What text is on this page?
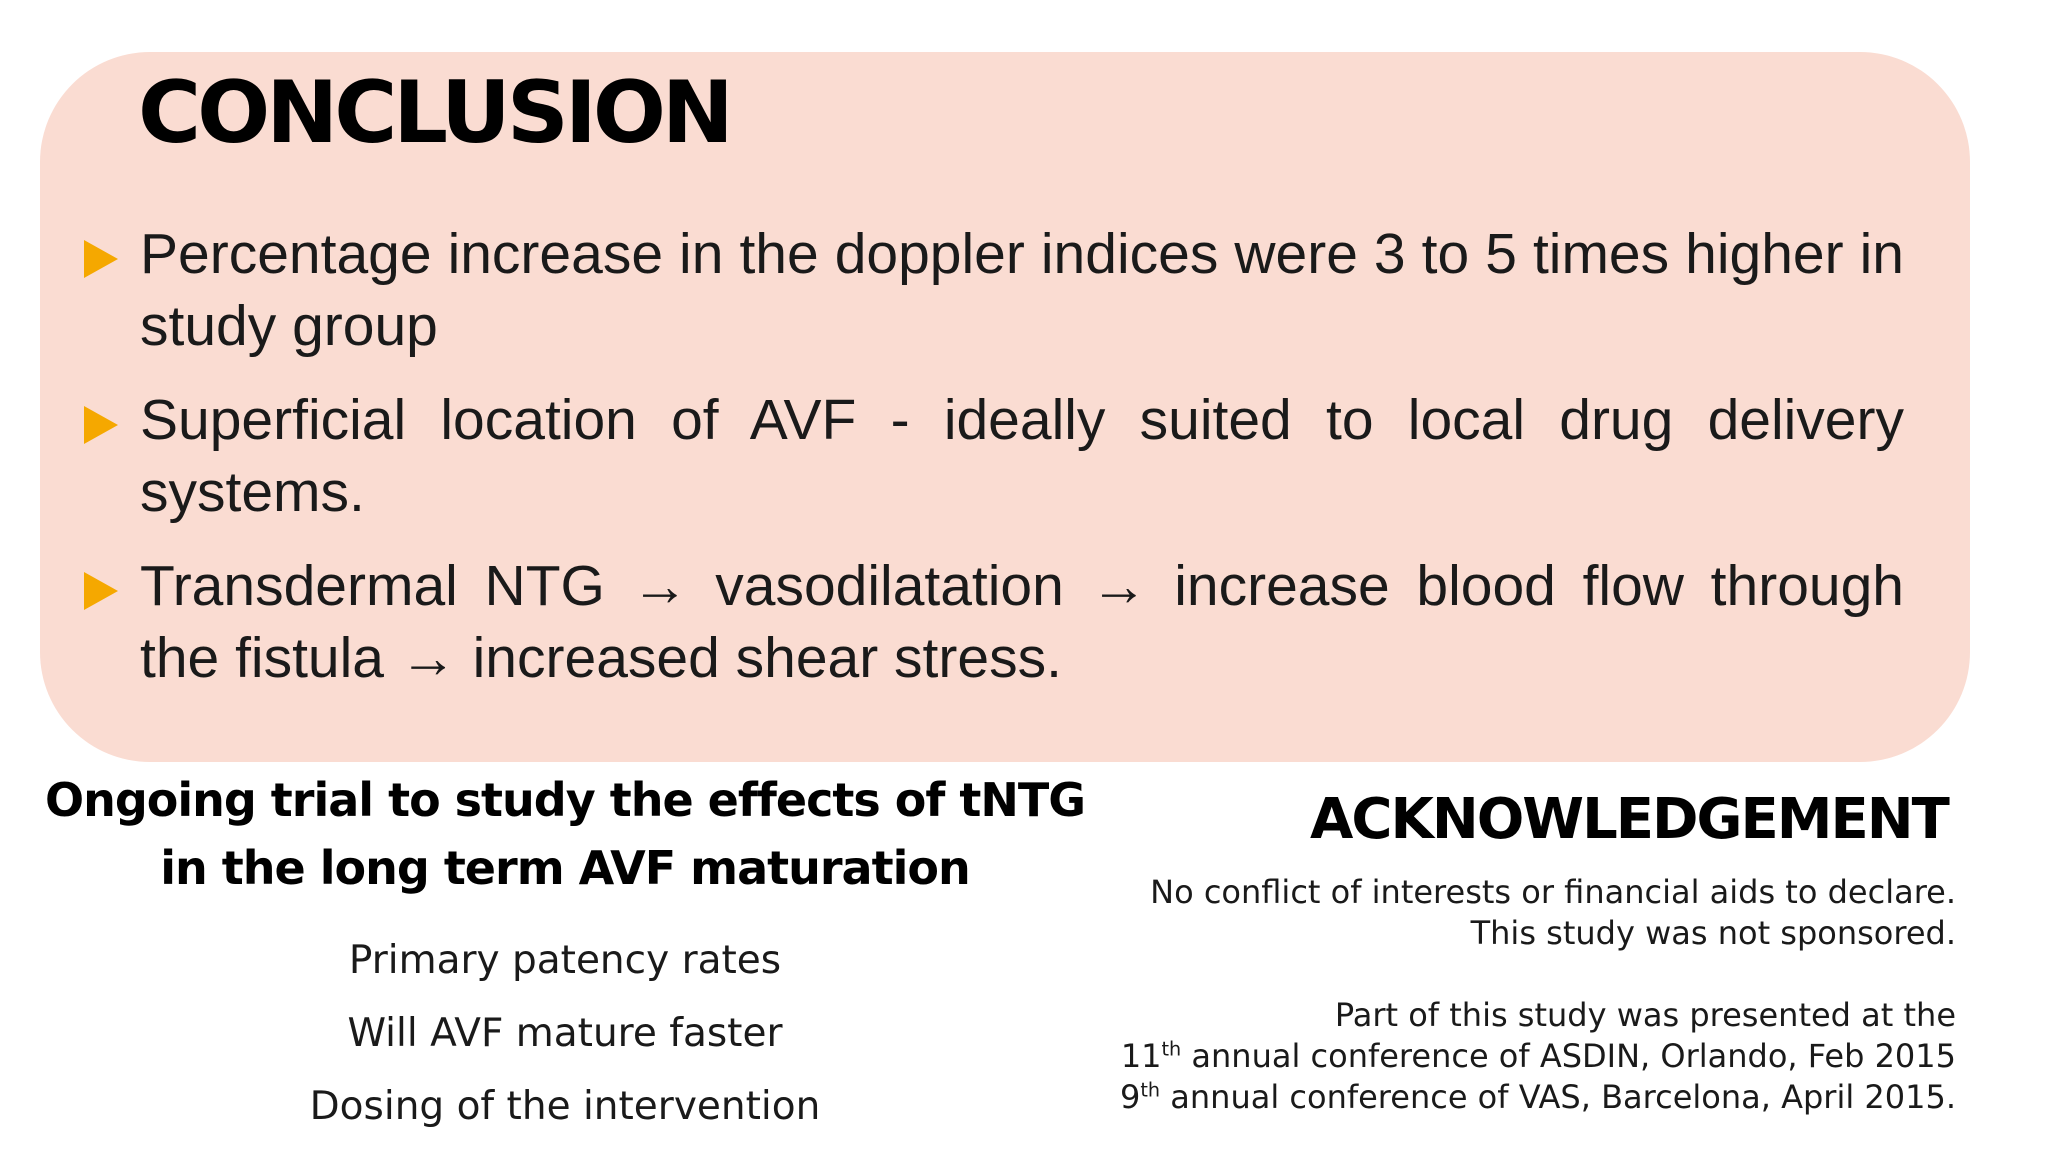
CONCLUSION
Percentage increase in the doppler indices were 3 to 5 times higher in study group
Superficial location of AVF - ideally suited to local drug delivery systems.
Transdermal NTG → vasodilatation → increase blood flow through the fistula → increased shear stress.
Ongoing trial to study the effects of tNTG in the long term AVF maturation
Primary patency rates
Will AVF mature faster
Dosing of the intervention
ACKNOWLEDGEMENT

No conflict of interests or financial aids to declare.

This study was not sponsored.

Part of this study was presented at the

11th annual conference of ASDIN, Orlando, Feb 2015

9th annual conference of VAS, Barcelona, April 2015.
